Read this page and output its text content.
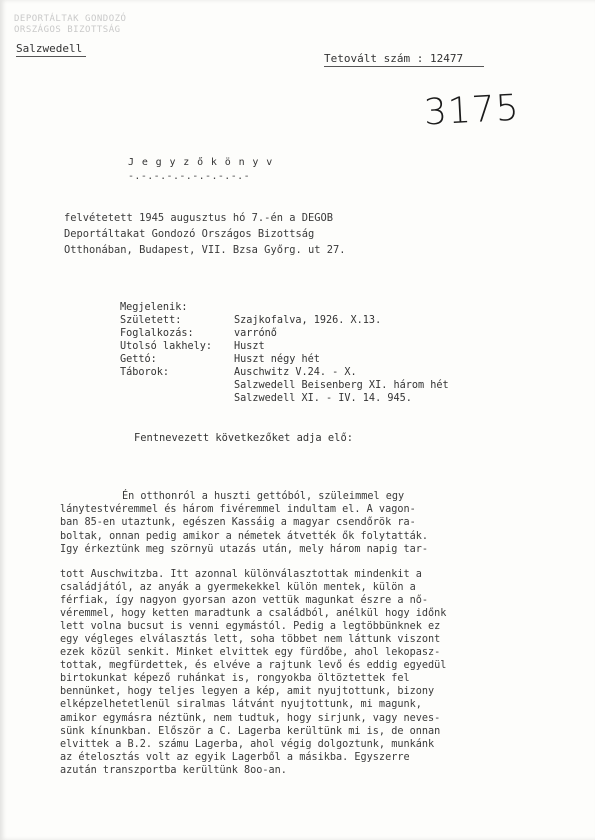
DEPORTÁLTAK GONDOZÓ
ORSZÁGOS BIZOTTSÁG
Salzwedell
Tetovált szám : 12477
3175
Jegyzőkönyv
-.-.-.-.-.-.-.-.-.-
felvétetett 1945 augusztus hó 7.-én a DEGOB
Deportáltakat Gondozó Országos Bizottság
Otthonában, Budapest, VII. Bzsa Győrg. ut 27.
Megjelenik:
Született:	Szajkofalva, 1926. X.13.
Foglalkozás:	varrónő
Utolsó lakhely:	Huszt
Gettó:	Huszt négy hét
Táborok:	Auschwitz V.24. - X.
Salzwedell Beisenberg XI. három hét
Salzwedell XI. - IV. 14. 945.
Fentnevezett következőket adja elő:
Én otthonról a huszti gettóból, szüleimmel egy
lánytestvéremmel és három fivéremmel indultam el. A vagon-
ban 85-en utaztunk, egészen Kassáig a magyar csendőrök ra-
boltak, onnan pedig amikor a németek átvették ők folytatták.
Igy érkeztünk meg szörnyü utazás után, mely három napig tar-
tott Auschwitzba. Itt azonnal különválasztottak mindenkit a
családjától, az anyák a gyermekekkel külön mentek, külön a
férfiak, így nagyon gyorsan azon vettük magunkat észre a nő-
véremmel, hogy ketten maradtunk a családból, anélkül hogy időnk
lett volna bucsut is venni egymástól. Pedig a legtöbbünknek ez
egy végleges elválasztás lett, soha többet nem láttunk viszont
ezek közül senkit. Minket elvittek egy fürdőbe, ahol lekopasz-
tottak, megfürdettek, és elvéve a rajtunk levő és eddig egyedül
birtokunkat képező ruhánkat is, rongyokba öltöztettek fel
bennünket, hogy teljes legyen a kép, amit nyujtottunk, bizony
elképzelhetetlenül siralmas látvánt nyujtottunk, mi magunk,
amikor egymásra néztünk, nem tudtuk, hogy sirjunk, vagy neves-
sünk kínunkban. Először a C. Lagerba kerültünk mi is, de onnan
elvittek a B.2. számu Lagerba, ahol végig dolgoztunk, munkánk
az ételosztás volt az egyik Lagerből a másikba. Egyszerre
azután transzportba kerültünk 8oo-an.
